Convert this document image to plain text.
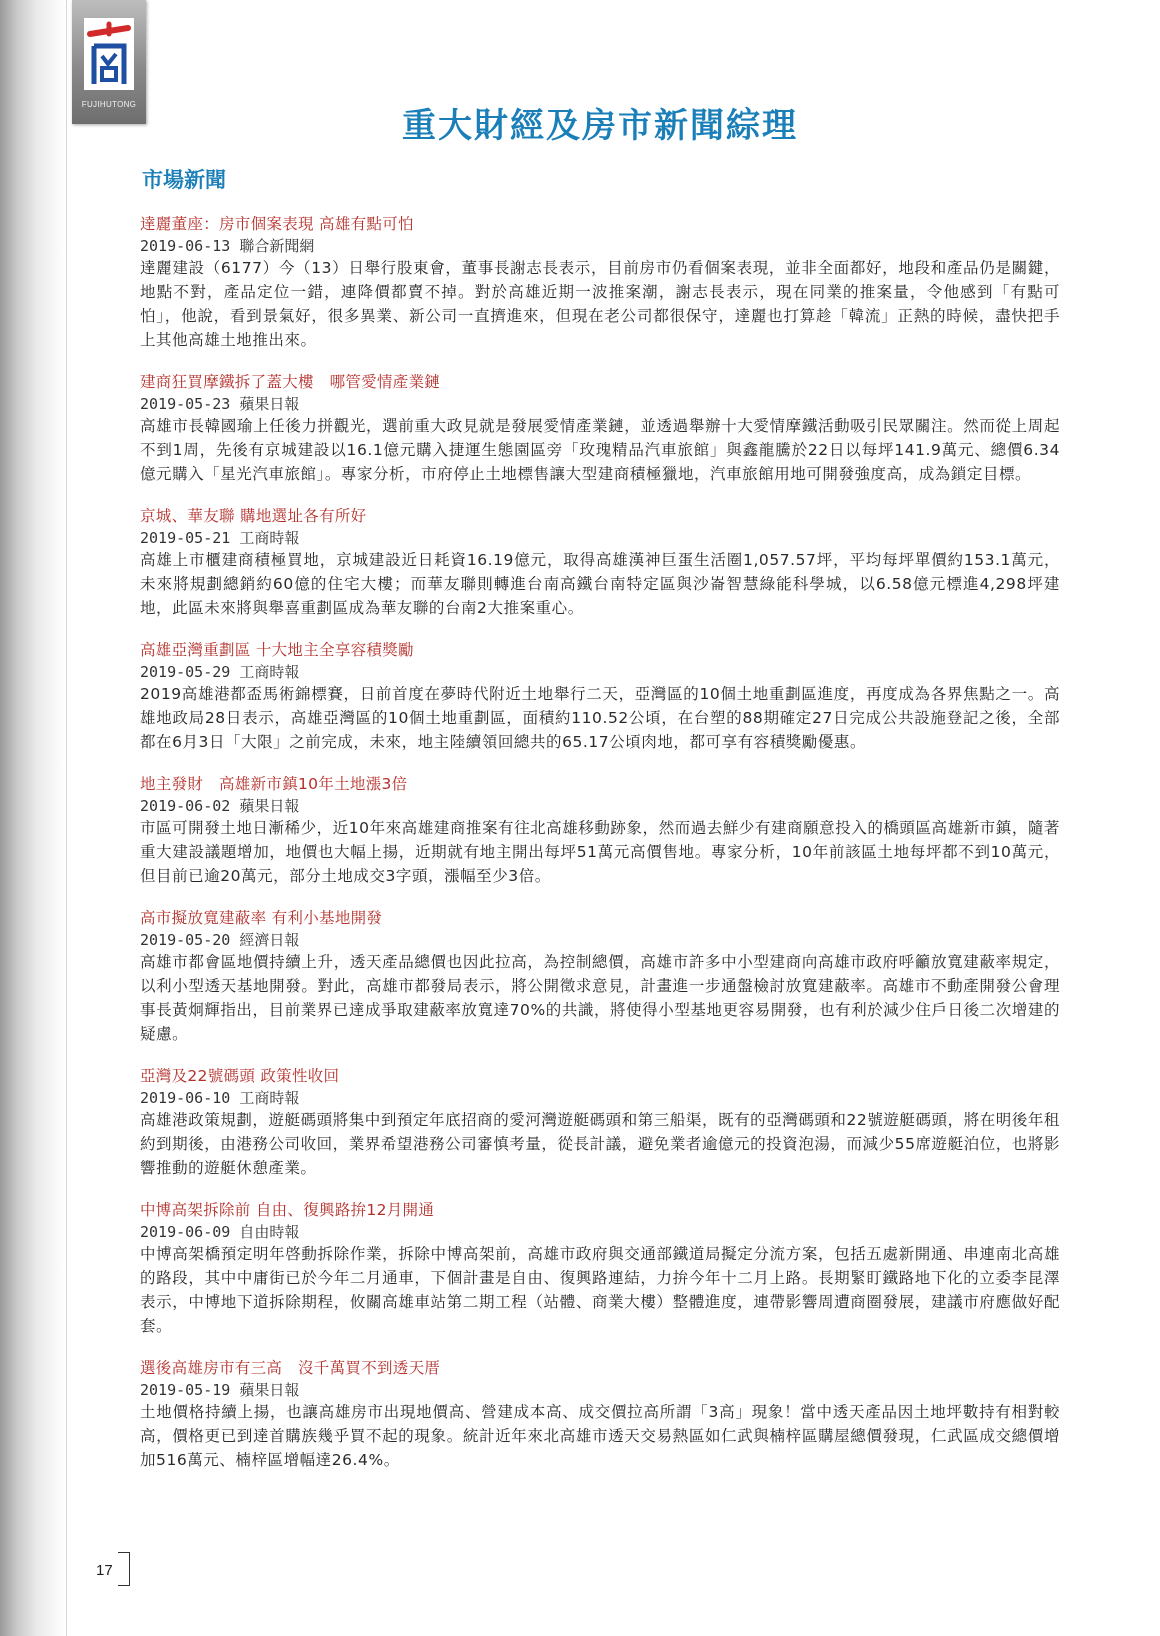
FUJIHUTONG
重大財經及房市新聞綜理
市場新聞
達麗董座：房市個案表現 高雄有點可怕
2019-06-13 聯合新聞網
達麗建設（6177）今（13）日舉行股東會，董事長謝志長表示，目前房市仍看個案表現，並非全面都好，地段和產品仍是關鍵，地點不對，產品定位一錯，連降價都賣不掉。對於高雄近期一波推案潮，謝志長表示，現在同業的推案量，令他感到「有點可怕」，他說，看到景氣好，很多異業、新公司一直擠進來，但現在老公司都很保守，達麗也打算趁「韓流」正熱的時候，盡快把手上其他高雄土地推出來。
建商狂買摩鐵拆了蓋大樓　哪管愛情產業鏈
2019-05-23 蘋果日報
高雄市長韓國瑜上任後力拼觀光，選前重大政見就是發展愛情產業鏈，並透過舉辦十大愛情摩鐵活動吸引民眾關注。然而從上周起不到1周，先後有京城建設以16.1億元購入捷運生態園區旁「玫瑰精品汽車旅館」與鑫龍騰於22日以每坪141.9萬元、總價6.34億元購入「星光汽車旅館」。專家分析，市府停止土地標售讓大型建商積極獵地，汽車旅館用地可開發強度高，成為鎖定目標。
京城、華友聯 購地選址各有所好
2019-05-21 工商時報
高雄上市櫃建商積極買地，京城建設近日耗資16.19億元，取得高雄漢神巨蛋生活圈1,057.57坪，平均每坪單價約153.1萬元，未來將規劃總銷約60億的住宅大樓；而華友聯則轉進台南高鐵台南特定區與沙崙智慧綠能科學城，以6.58億元標進4,298坪建地，此區未來將與舉喜重劃區成為華友聯的台南2大推案重心。
高雄亞灣重劃區 十大地主全享容積獎勵
2019-05-29 工商時報
2019高雄港都盃馬術錦標賽，日前首度在夢時代附近土地舉行二天，亞灣區的10個土地重劃區進度，再度成為各界焦點之一。高雄地政局28日表示，高雄亞灣區的10個土地重劃區，面積約110.52公頃，在台塑的88期確定27日完成公共設施登記之後，全部都在6月3日「大限」之前完成，未來，地主陸續領回總共的65.17公頃肉地，都可享有容積獎勵優惠。
地主發財　高雄新市鎮10年土地漲3倍
2019-06-02 蘋果日報
市區可開發土地日漸稀少，近10年來高雄建商推案有往北高雄移動跡象，然而過去鮮少有建商願意投入的橋頭區高雄新市鎮，隨著重大建設議題增加，地價也大幅上揚，近期就有地主開出每坪51萬元高價售地。專家分析，10年前該區土地每坪都不到10萬元，但目前已逾20萬元，部分土地成交3字頭，漲幅至少3倍。
高市擬放寬建蔽率 有利小基地開發
2019-05-20 經濟日報
高雄市都會區地價持續上升，透天產品總價也因此拉高，為控制總價，高雄市許多中小型建商向高雄市政府呼籲放寬建蔽率規定，以利小型透天基地開發。對此，高雄市都發局表示，將公開徵求意見，計畫進一步通盤檢討放寬建蔽率。高雄市不動產開發公會理事長黃炯輝指出，目前業界已達成爭取建蔽率放寬達70%的共識，將使得小型基地更容易開發，也有利於減少住戶日後二次增建的疑慮。
亞灣及22號碼頭 政策性收回
2019-06-10 工商時報
高雄港政策規劃，遊艇碼頭將集中到預定年底招商的愛河灣遊艇碼頭和第三船渠，既有的亞灣碼頭和22號遊艇碼頭，將在明後年租約到期後，由港務公司收回，業界希望港務公司審慎考量，從長計議，避免業者逾億元的投資泡湯，而減少55席遊艇泊位，也將影響推動的遊艇休憩產業。
中博高架拆除前 自由、復興路拚12月開通
2019-06-09 自由時報
中博高架橋預定明年啓動拆除作業，拆除中博高架前，高雄市政府與交通部鐵道局擬定分流方案，包括五處新開通、串連南北高雄的路段，其中中庸街已於今年二月通車，下個計畫是自由、復興路連結，力拚今年十二月上路。長期緊盯鐵路地下化的立委李昆澤表示，中博地下道拆除期程，攸關高雄車站第二期工程（站體、商業大樓）整體進度，連帶影響周遭商圈發展，建議市府應做好配套。
選後高雄房市有三高　沒千萬買不到透天厝
2019-05-19 蘋果日報
土地價格持續上揚，也讓高雄房市出現地價高、營建成本高、成交價拉高所謂「3高」現象！當中透天產品因土地坪數持有相對較高，價格更已到達首購族幾乎買不起的現象。統計近年來北高雄市透天交易熱區如仁武與楠梓區購屋總價發現，仁武區成交總價增加516萬元、楠梓區增幅達26.4%。
17
